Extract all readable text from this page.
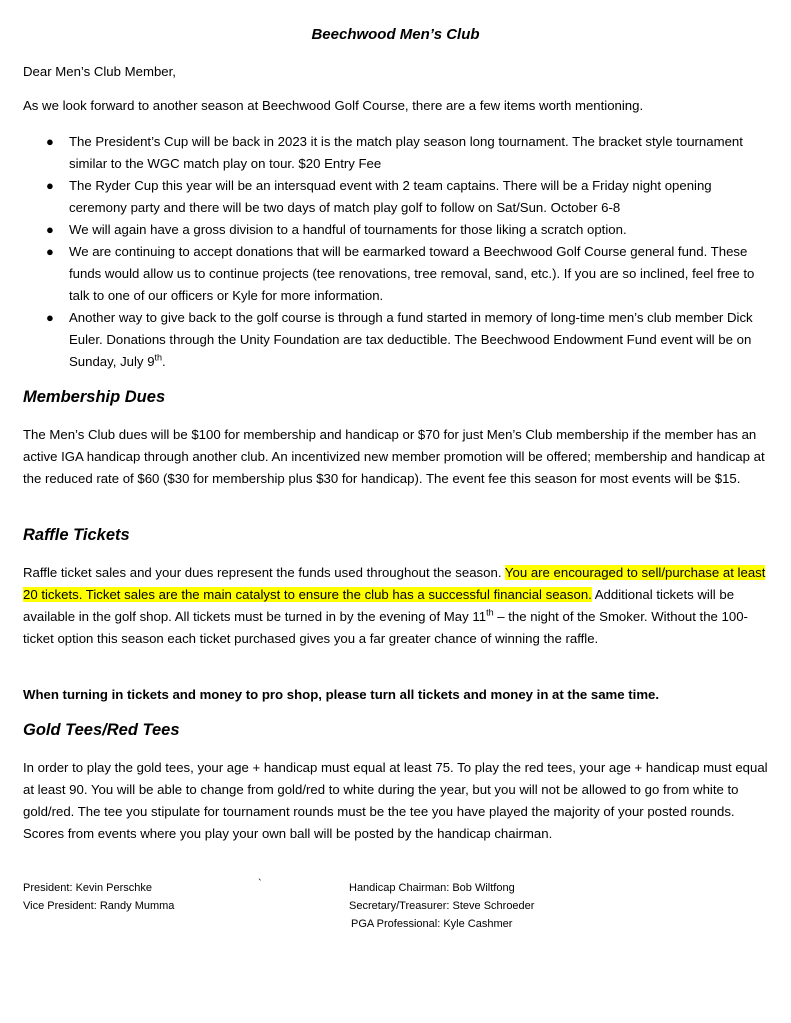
Beechwood Men’s Club
Dear Men’s Club Member,
As we look forward to another season at Beechwood Golf Course, there are a few items worth mentioning.
● The President’s Cup will be back in 2023 it is the match play season long tournament. The bracket style tournament similar to the WGC match play on tour. $20 Entry Fee
● The Ryder Cup this year will be an intersquad event with 2 team captains. There will be a Friday night opening ceremony party and there will be two days of match play golf to follow on Sat/Sun. October 6-8
● We will again have a gross division to a handful of tournaments for those liking a scratch option.
● We are continuing to accept donations that will be earmarked toward a Beechwood Golf Course general fund. These funds would allow us to continue projects (tee renovations, tree removal, sand, etc.). If you are so inclined, feel free to talk to one of our officers or Kyle for more information.
● Another way to give back to the golf course is through a fund started in memory of long-time men’s club member Dick Euler. Donations through the Unity Foundation are tax deductible. The Beechwood Endowment Fund event will be on Sunday, July 9th.
Membership Dues
The Men’s Club dues will be $100 for membership and handicap or $70 for just Men’s Club membership if the member has an active IGA handicap through another club. An incentivized new member promotion will be offered; membership and handicap at the reduced rate of $60 ($30 for membership plus $30 for handicap). The event fee this season for most events will be $15.
Raffle Tickets
Raffle ticket sales and your dues represent the funds used throughout the season. You are encouraged to sell/purchase at least 20 tickets. Ticket sales are the main catalyst to ensure the club has a successful financial season. Additional tickets will be available in the golf shop. All tickets must be turned in by the evening of May 11th – the night of the Smoker. Without the 100-ticket option this season each ticket purchased gives you a far greater chance of winning the raffle.
When turning in tickets and money to pro shop, please turn all tickets and money in at the same time.
Gold Tees/Red Tees
In order to play the gold tees, your age + handicap must equal at least 75. To play the red tees, your age + handicap must equal at least 90. You will be able to change from gold/red to white during the year, but you will not be allowed to go from white to gold/red. The tee you stipulate for tournament rounds must be the tee you have played the majority of your posted rounds. Scores from events where you play your own ball will be posted by the handicap chairman.
President: Kevin Perschke	`
Vice President: Randy Mumma
Handicap Chairman: Bob Wiltfong
Secretary/Treasurer: Steve Schroeder
PGA Professional: Kyle Cashmer
